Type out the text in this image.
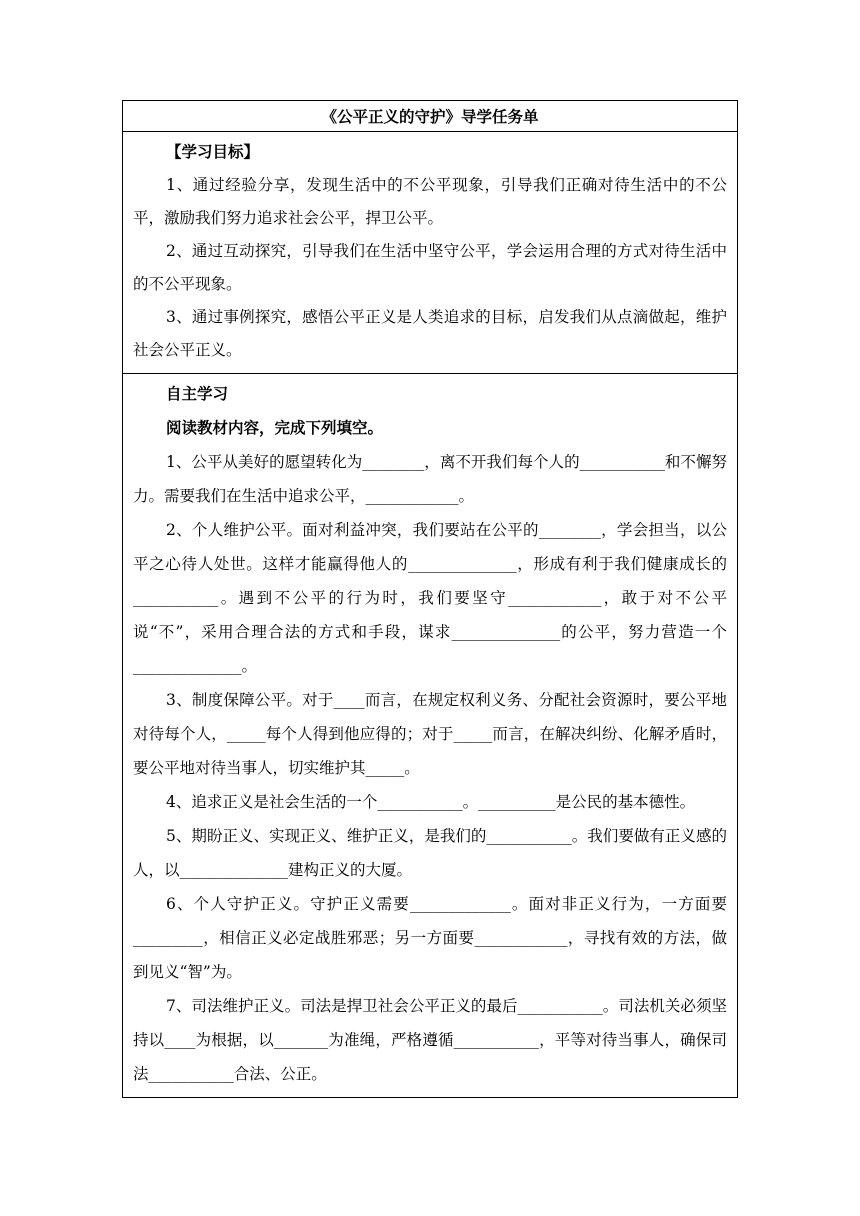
《公平正义的守护》导学任务单
【学习目标】

1、通过经验分享，发现生活中的不公平现象，引导我们正确对待生活中的不公平，激励我们努力追求社会公平，捍卫公平。

2、通过互动探究，引导我们在生活中坚守公平，学会运用合理的方式对待生活中的不公平现象。

3、通过事例探究，感悟公平正义是人类追求的目标，启发我们从点滴做起，维护社会公平正义。

自主学习
阅读教材内容，完成下列填空。

1、公平从美好的愿望转化为________，离不开我们每个人的___________和不懈努力。需要我们在生活中追求公平，____________。

2、个人维护公平。面对利益冲突，我们要站在公平的________，学会担当，以公平之心待人处世。这样才能赢得他人的______________，形成有利于我们健康成长的___________。遇到不公平的行为时，我们要坚守____________，敢于对不公平说“不”，采用合理合法的方式和手段，谋求______________的公平，努力营造一个______________。

3、制度保障公平。对于____而言，在规定权利义务、分配社会资源时，要公平地对待每个人，_____每个人得到他应得的；对于_____而言，在解决纠纷、化解矛盾时，要公平地对待当事人，切实维护其_____。

4、追求正义是社会生活的一个___________。__________是公民的基本德性。

5、期盼正义、实现正义、维护正义，是我们的___________。我们要做有正义感的人，以______________建构正义的大厦。

6、个人守护正义。守护正义需要_____________。面对非正义行为，一方面要_________，相信正义必定战胜邪恶；另一方面要____________，寻找有效的方法，做到见义“智”为。

7、司法维护正义。司法是捍卫社会公平正义的最后___________。司法机关必须坚持以____为根据，以_______为准绳，严格遵循___________，平等对待当事人，确保司法___________合法、公正。
